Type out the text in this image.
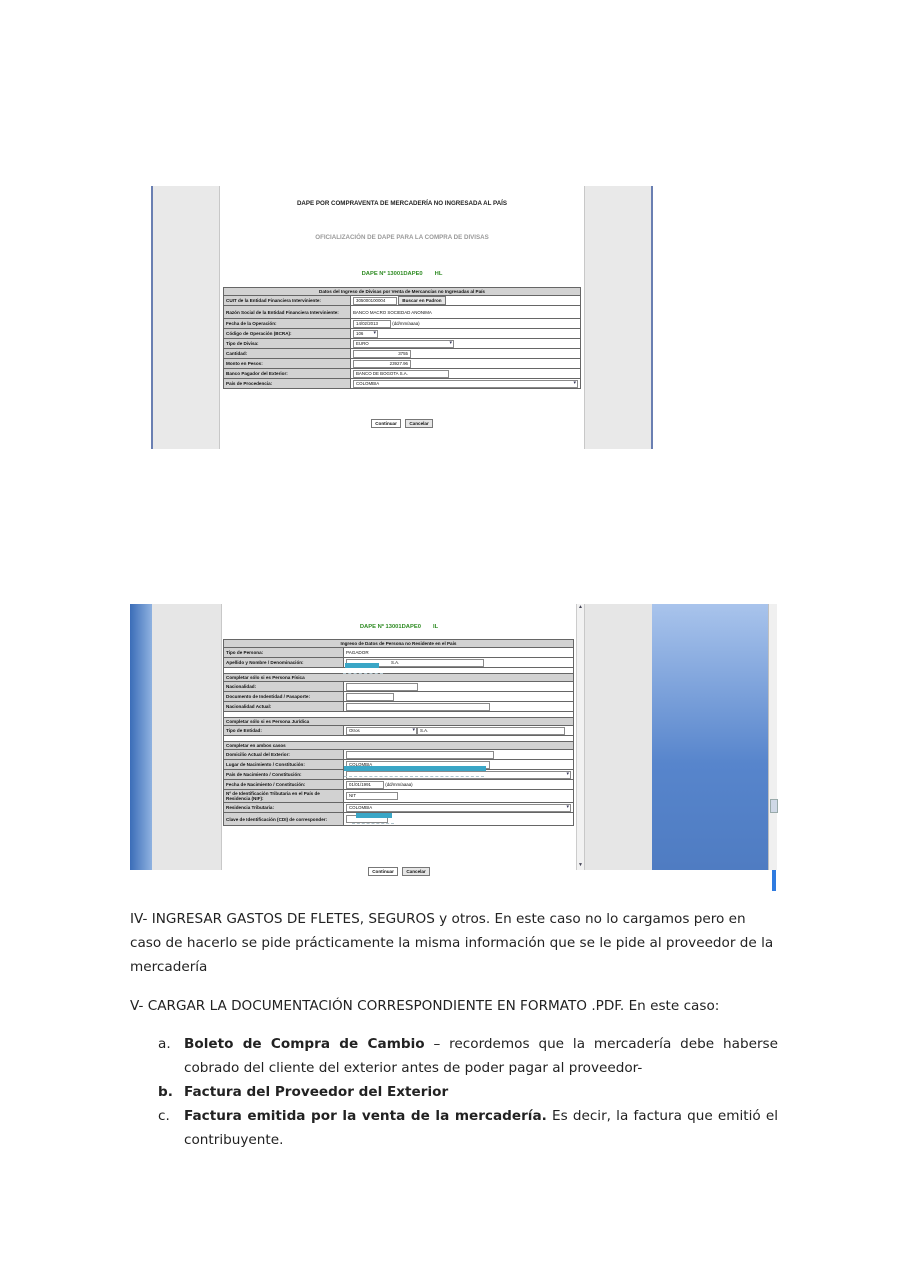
DAPE POR COMPRAVENTA DE MERCADERÍA NO INGRESADA AL PAÍS
OFICIALIZACIÓN DE DAPE PARA LA COMPRA DE DIVISAS
DAPE Nº 13001DAPE0 HL
Datos del Ingreso de Divisas por Venta de Mercancías no Ingresadas al País	
CUIT de la Entidad Financiera Interviniente:	305000100004 Buscar en Padron
Razón Social de la Entidad Financiera Interviniente:	BANCO MACRO SOCIEDAD ANONIMA
Fecha de la Operación:	14/02/2013 (dd/mm/aaaa)
Código de Operación (BCRA):	106 ▾
Tipo de Divisa:	EURO ▾
Cantidad:	3755
Monto en Pesos:	23927.96
Banco Pagador del Exterior:	BANCO DE BOGOTA S.A.
País de Procedencia:	COLOMBIA ▾
Continuar	Cancelar
▲
▼
DAPE Nº 13001DAPE0 IL
Ingreso de Datos de Persona no Residente en el País	
Tipo de Persona:	PAGADOR
Apellido y Nombre / Denominación:	S.A.

Completar sólo si es Persona Física	
Nacionalidad:	
Documento de Indentidad / Pasaporte:	
Nacionalidad Actual:	

Completar sólo si es Persona Jurídica	
Tipo de Entidad:	Otros ▾ S.A.

Completar en ambos casos	
Domicilio Actual del Exterior:	
Lugar de Nacimiento / Constitución:	COLOMBIA
País de Nacimiento / Constitución:	▾
Fecha de Nacimiento / Constitución:	01/01/1991 (dd/mm/aaaa)
Nº de Identificación Tributaria en el País de Residencia (NIF):	NIT
Residencia Tributaria:	COLOMBIA ▾
Clave de Identificación (CDI) de corresponder:	
Continuar	Cancelar
IV- INGRESAR GASTOS DE FLETES, SEGUROS y otros. En este caso no lo cargamos pero en caso de hacerlo se pide prácticamente la misma información que se le pide al proveedor de la mercadería
V- CARGAR LA DOCUMENTACIÓN CORRESPONDIENTE EN FORMATO .PDF. En este caso:
a. Boleto de Compra de Cambio – recordemos que la mercadería debe haberse cobrado del cliente del exterior antes de poder pagar al proveedor-
b. Factura del Proveedor del Exterior
c. Factura emitida por la venta de la mercadería. Es decir, la factura que emitió el contribuyente.
